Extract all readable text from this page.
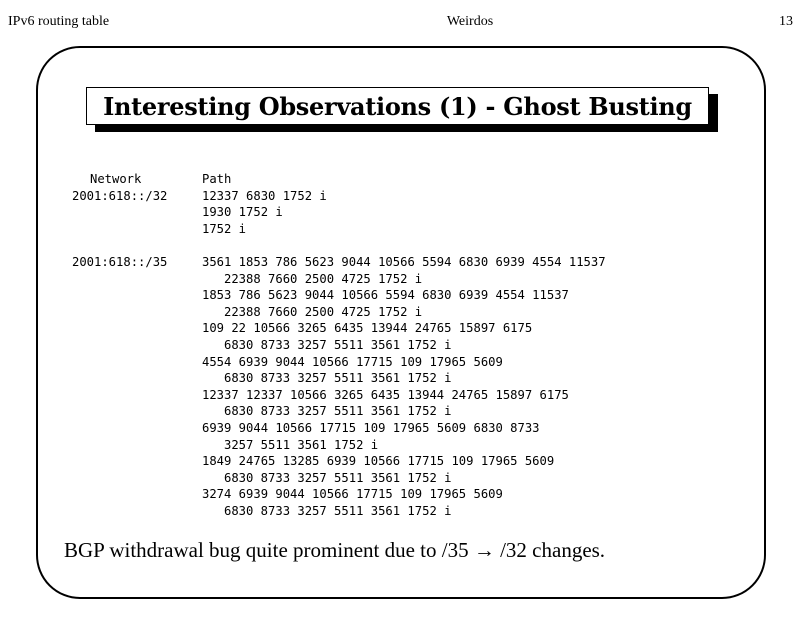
IPv6 routing table	Weirdos	13
Interesting Observations (1) - Ghost Busting
Network	Path
2001:618::/32	12337 6830 1752 i
1930 1752 i
1752 i
2001:618::/35	3561 1853 786 5623 9044 10566 5594 6830 6939 4554 11537
22388 7660 2500 4725 1752 i
1853 786 5623 9044 10566 5594 6830 6939 4554 11537
22388 7660 2500 4725 1752 i
109 22 10566 3265 6435 13944 24765 15897 6175
6830 8733 3257 5511 3561 1752 i
4554 6939 9044 10566 17715 109 17965 5609
6830 8733 3257 5511 3561 1752 i
12337 12337 10566 3265 6435 13944 24765 15897 6175
6830 8733 3257 5511 3561 1752 i
6939 9044 10566 17715 109 17965 5609 6830 8733
3257 5511 3561 1752 i
1849 24765 13285 6939 10566 17715 109 17965 5609
6830 8733 3257 5511 3561 1752 i
3274 6939 9044 10566 17715 109 17965 5609
6830 8733 3257 5511 3561 1752 i
BGP withdrawal bug quite prominent due to /35 → /32 changes.
